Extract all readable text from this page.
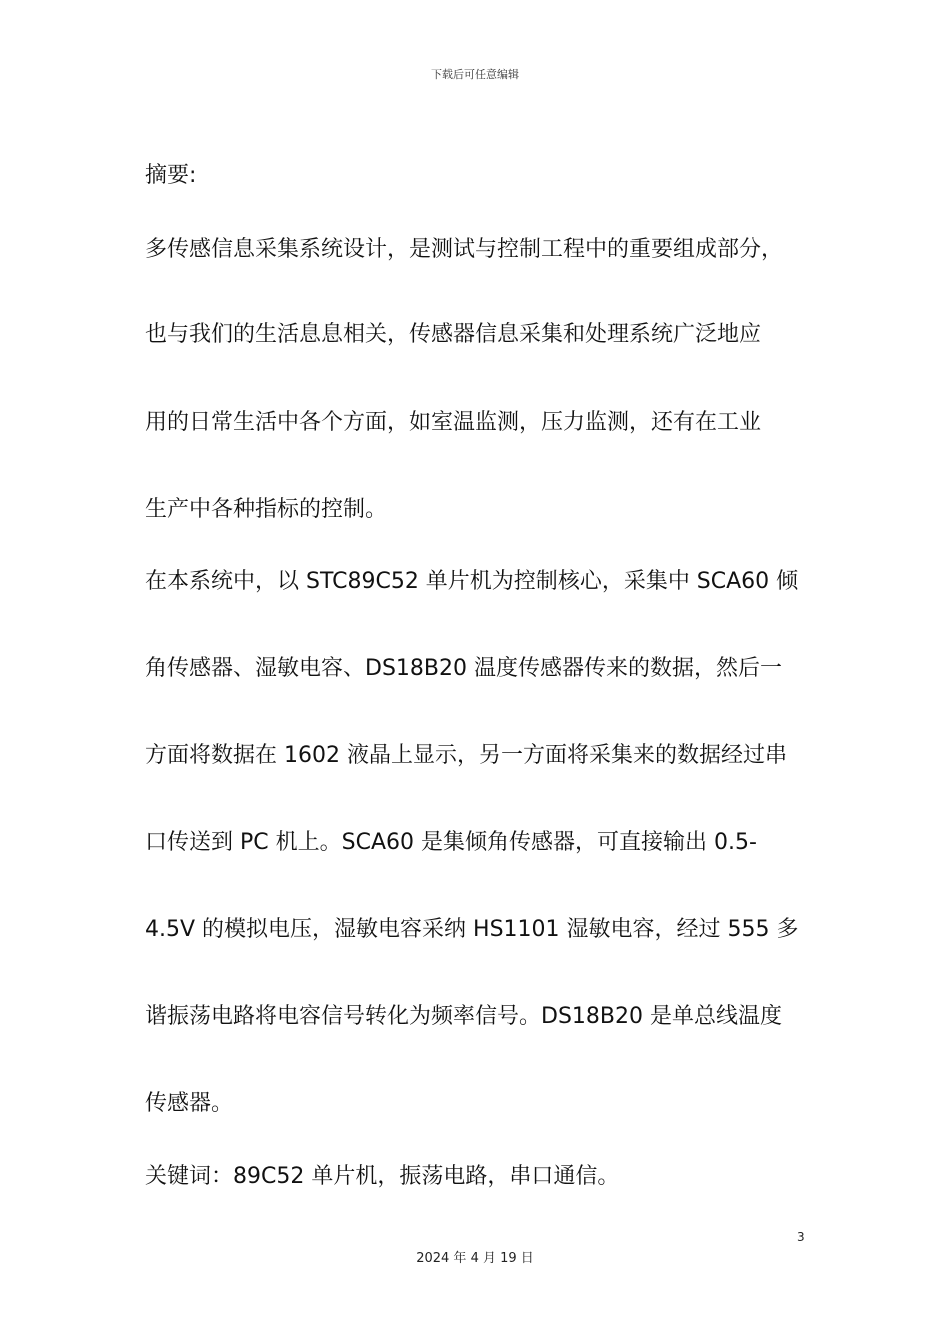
下载后可任意编辑
摘要:
多传感信息采集系统设计，是测试与控制工程中的重要组成部分，
也与我们的生活息息相关，传感器信息采集和处理系统广泛地应
用的日常生活中各个方面，如室温监测，压力监测，还有在工业
生产中各种指标的控制。
在本系统中，以 STC89C52 单片机为控制核心，采集中 SCA60 倾
角传感器、湿敏电容、DS18B20 温度传感器传来的数据，然后一
方面将数据在 1602 液晶上显示，另一方面将采集来的数据经过串
口传送到 PC 机上。SCA60 是集倾角传感器，可直接输出 0.5-
4.5V 的模拟电压，湿敏电容采纳 HS1101 湿敏电容，经过 555 多
谐振荡电路将电容信号转化为频率信号。DS18B20 是单总线温度
传感器。
关键词：89C52 单片机，振荡电路，串口通信。
3
2024 年 4 月 19 日
